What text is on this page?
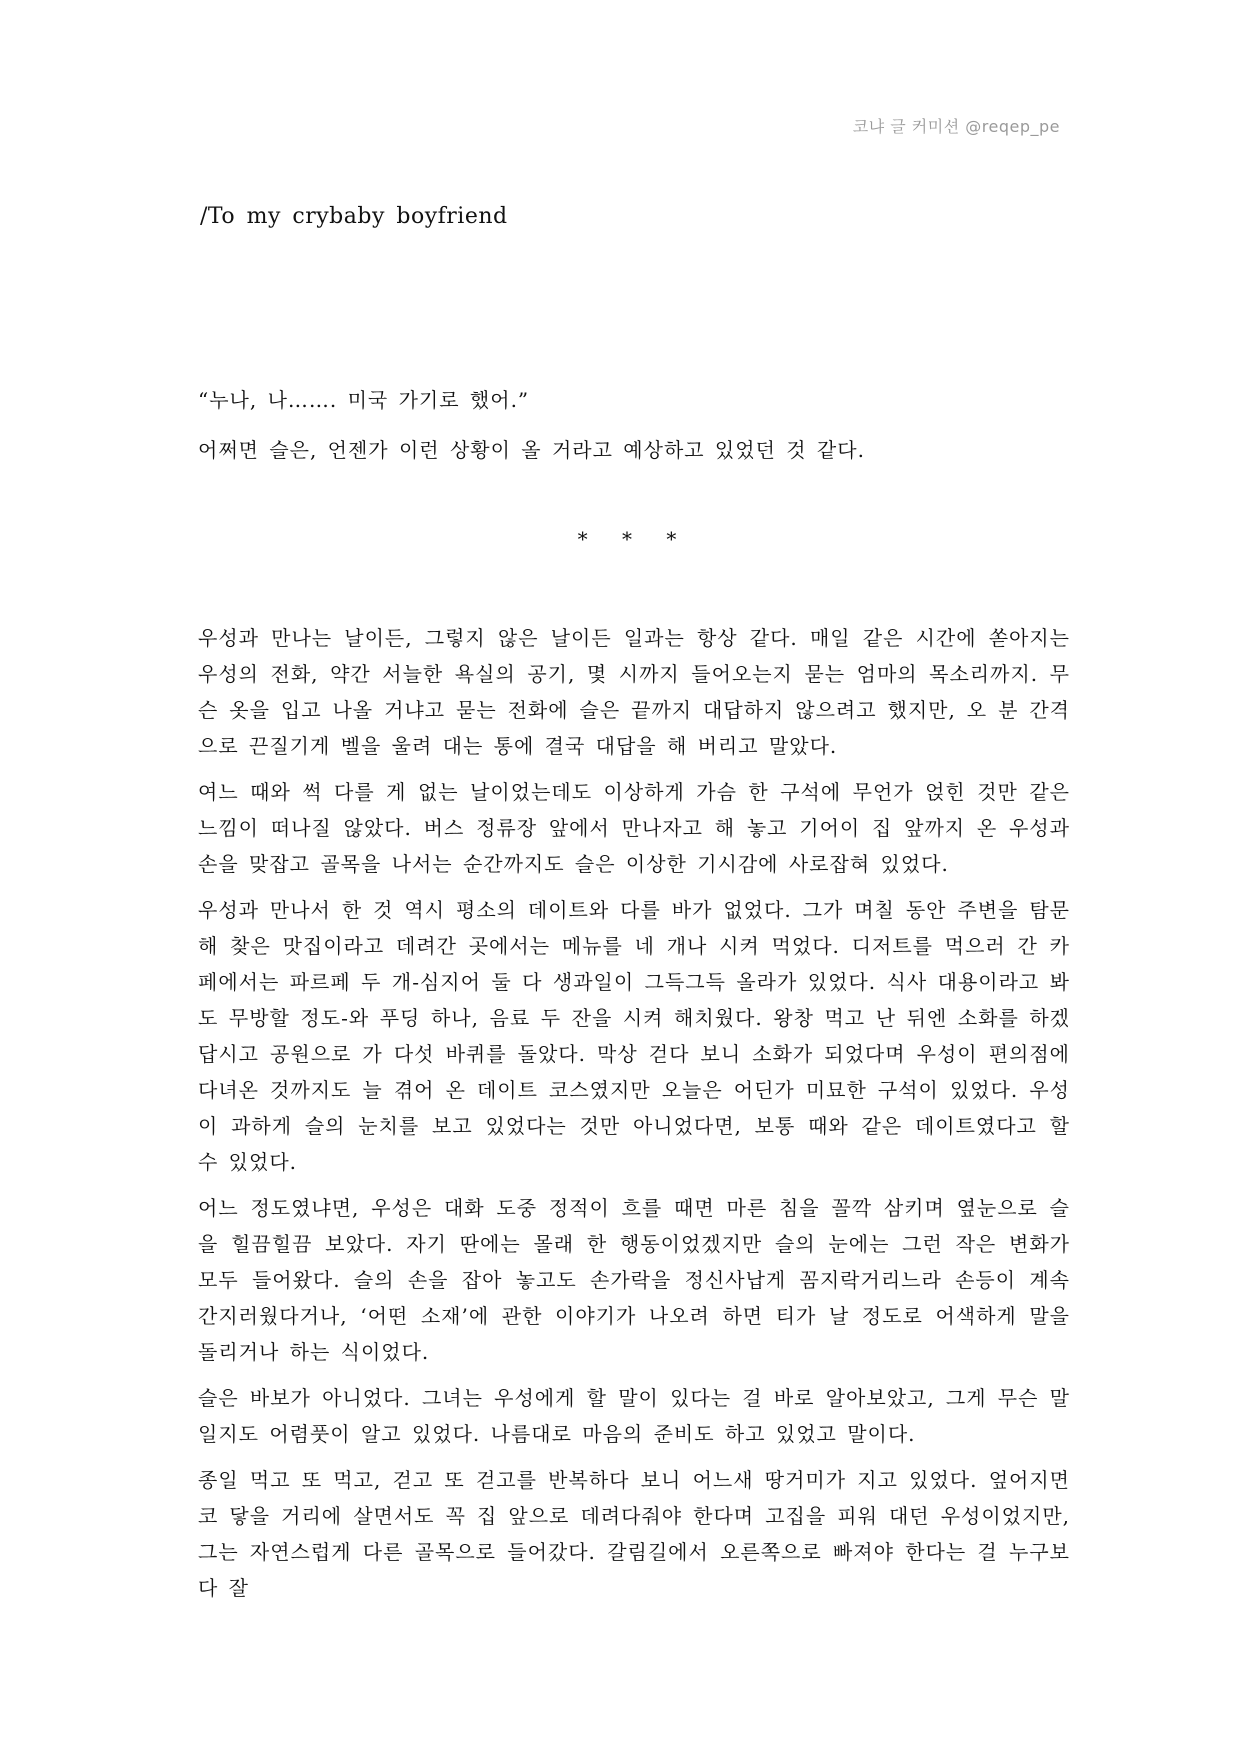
코냐 글 커미션 @reqep_pe
/To my crybaby boyfriend

“누나, 나……. 미국 가기로 했어.”

어쩌면 슬은, 언젠가 이런 상황이 올 거라고 예상하고 있었던 것 같다.

* * *

우성과 만나는 날이든, 그렇지 않은 날이든 일과는 항상 같다. 매일 같은 시간에 쏟아지는 우성의 전화, 약간 서늘한 욕실의 공기, 몇 시까지 들어오는지 묻는 엄마의 목소리까지. 무슨 옷을 입고 나올 거냐고 묻는 전화에 슬은 끝까지 대답하지 않으려고 했지만, 오 분 간격으로 끈질기게 벨을 울려 대는 통에 결국 대답을 해 버리고 말았다.

여느 때와 썩 다를 게 없는 날이었는데도 이상하게 가슴 한 구석에 무언가 얹힌 것만 같은 느낌이 떠나질 않았다. 버스 정류장 앞에서 만나자고 해 놓고 기어이 집 앞까지 온 우성과 손을 맞잡고 골목을 나서는 순간까지도 슬은 이상한 기시감에 사로잡혀 있었다.

우성과 만나서 한 것 역시 평소의 데이트와 다를 바가 없었다. 그가 며칠 동안 주변을 탐문해 찾은 맛집이라고 데려간 곳에서는 메뉴를 네 개나 시켜 먹었다. 디저트를 먹으러 간 카페에서는 파르페 두 개-심지어 둘 다 생과일이 그득그득 올라가 있었다. 식사 대용이라고 봐도 무방할 정도-와 푸딩 하나, 음료 두 잔을 시켜 해치웠다. 왕창 먹고 난 뒤엔 소화를 하겠답시고 공원으로 가 다섯 바퀴를 돌았다. 막상 걷다 보니 소화가 되었다며 우성이 편의점에 다녀온 것까지도 늘 겪어 온 데이트 코스였지만 오늘은 어딘가 미묘한 구석이 있었다. 우성이 과하게 슬의 눈치를 보고 있었다는 것만 아니었다면, 보통 때와 같은 데이트였다고 할 수 있었다.

어느 정도였냐면, 우성은 대화 도중 정적이 흐를 때면 마른 침을 꼴깍 삼키며 옆눈으로 슬을 힐끔힐끔 보았다. 자기 딴에는 몰래 한 행동이었겠지만 슬의 눈에는 그런 작은 변화가 모두 들어왔다. 슬의 손을 잡아 놓고도 손가락을 정신사납게 꼼지락거리느라 손등이 계속 간지러웠다거나, ‘어떤 소재’에 관한 이야기가 나오려 하면 티가 날 정도로 어색하게 말을 돌리거나 하는 식이었다.

슬은 바보가 아니었다. 그녀는 우성에게 할 말이 있다는 걸 바로 알아보았고, 그게 무슨 말일지도 어렴풋이 알고 있었다. 나름대로 마음의 준비도 하고 있었고 말이다.

종일 먹고 또 먹고, 걷고 또 걷고를 반복하다 보니 어느새 땅거미가 지고 있었다. 엎어지면 코 닿을 거리에 살면서도 꼭 집 앞으로 데려다줘야 한다며 고집을 피워 대던 우성이었지만, 그는 자연스럽게 다른 골목으로 들어갔다. 갈림길에서 오른쪽으로 빠져야 한다는 걸 누구보다 잘
